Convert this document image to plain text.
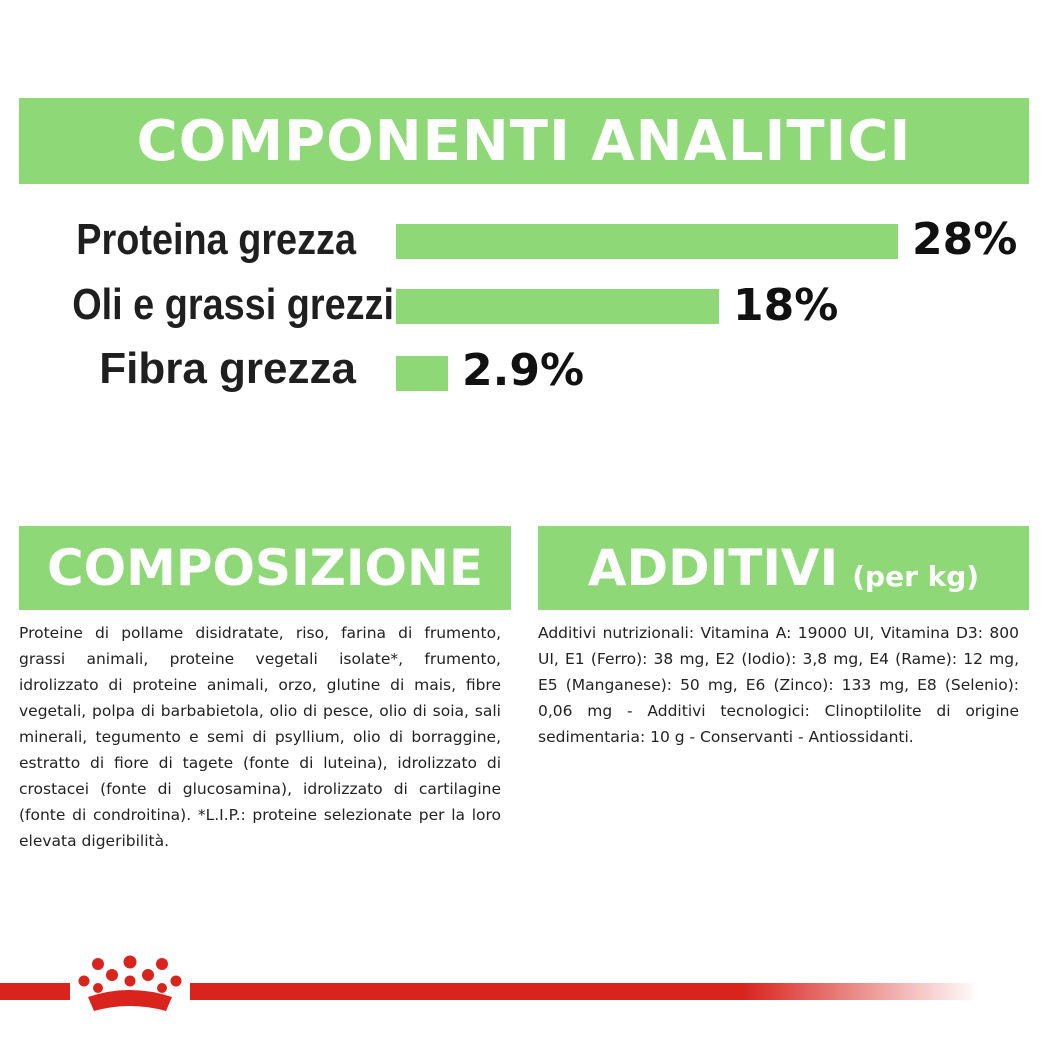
COMPONENTI ANALITICI
Proteina grezza	28%
Oli e grassi grezzi	18%
Fibra grezza 2.9%
COMPOSIZIONE
Proteine di pollame disidratate, riso, farina di frumento, grassi animali, proteine vegetali isolate*, frumento, idrolizzato di proteine animali, orzo, glutine di mais, fibre vegetali, polpa di barbabietola, olio di pesce, olio di soia, sali minerali, tegumento e semi di psyllium, olio di borraggine, estratto di fiore di tagete (fonte di luteina), idrolizzato di crostacei (fonte di glucosamina), idrolizzato di cartilagine (fonte di condroitina). *L.I.P.: proteine selezionate per la loro elevata digeribilità.
ADDITIVI (per kg)
Additivi nutrizionali: Vitamina A: 19000 UI, Vitamina D3: 800 UI, E1 (Ferro): 38 mg, E2 (Iodio): 3,8 mg, E4 (Rame): 12 mg, E5 (Manganese): 50 mg, E6 (Zinco): 133 mg, E8 (Selenio): 0,06 mg - Additivi tecnologici: Clinoptilolite di origine sedimentaria: 10 g - Conservanti - Antiossidanti.
